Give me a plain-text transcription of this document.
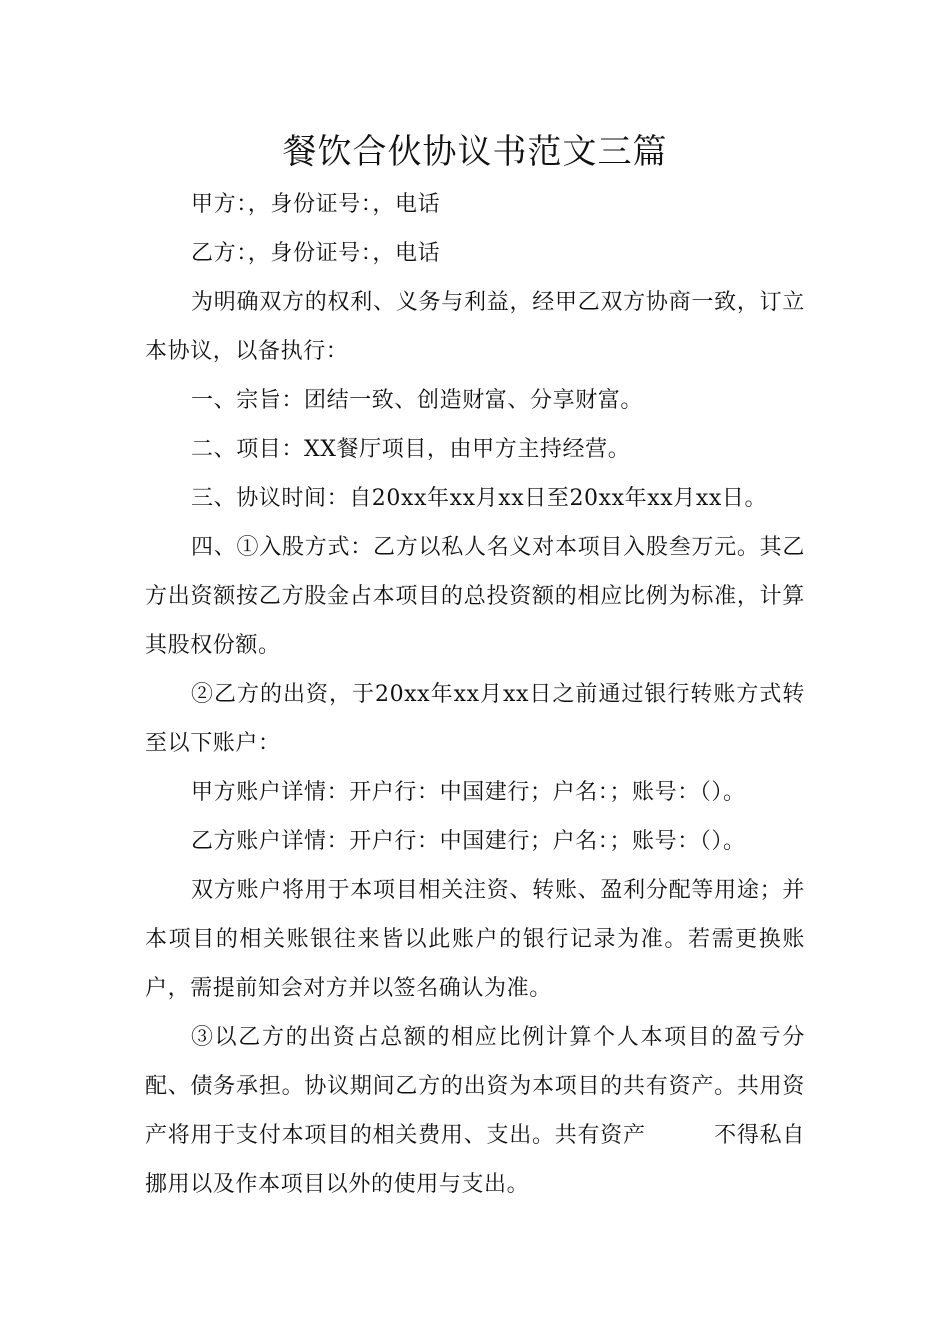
餐饮合伙协议书范文三篇

甲方：，身份证号：，电话

乙方：，身份证号：，电话

为明确双方的权利、义务与利益，经甲乙双方协商一致，订立本协议，以备执行：

一、宗旨：团结一致、创造财富、分享财富。

二、项目：XX餐厅项目，由甲方主持经营。

三、协议时间：自20xx年xx月xx日至20xx年xx月xx日。

四、①入股方式：乙方以私人名义对本项目入股叁万元。其乙方出资额按乙方股金占本项目的总投资额的相应比例为标准，计算其股权份额。

②乙方的出资，于20xx年xx月xx日之前通过银行转账方式转至以下账户：

甲方账户详情：开户行：中国建行；户名：；账号：（）。

乙方账户详情：开户行：中国建行；户名：；账号：（）。

双方账户将用于本项目相关注资、转账、盈利分配等用途；并本项目的相关账银往来皆以此账户的银行记录为准。若需更换账户，需提前知会对方并以签名确认为准。

③以乙方的出资占总额的相应比例计算个人本项目的盈亏分配、债务承担。协议期间乙方的出资为本项目的共有资产。共用资产将用于支付本项目的相关费用、支出。共有资产　　　不得私自挪用以及作本项目以外的使用与支出。
